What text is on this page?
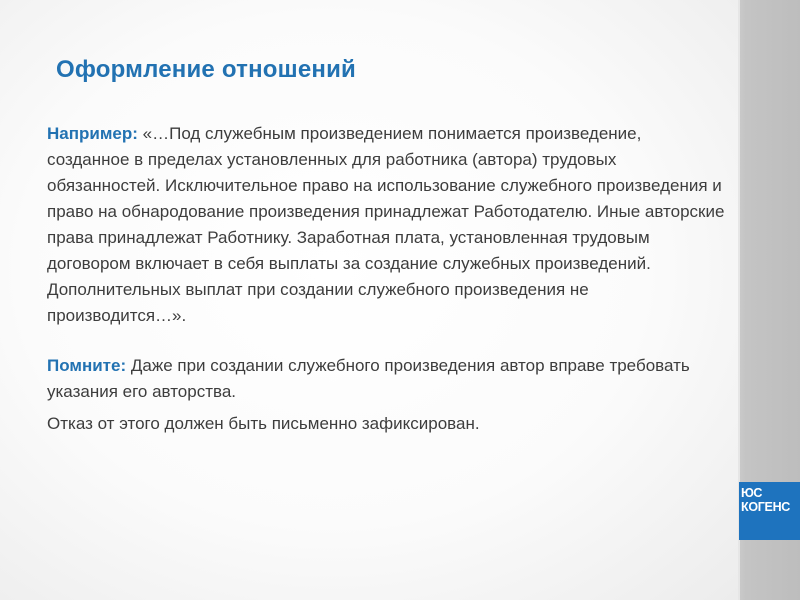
Оформление отношений

Например: «…Под служебным произведением понимается произведение, созданное в пределах установленных для работника (автора) трудовых обязанностей. Исключительное право на использование служебного произведения и право на обнародование произведения принадлежат Работодателю. Иные авторские права принадлежат Работнику. Заработная плата, установленная трудовым договором включает в себя выплаты за создание служебных произведений. Дополнительных выплат при создании служебного произведения не производится…».

Помните: Даже при создании служебного произведения автор вправе требовать указания его авторства.

Отказ от этого должен быть письменно зафиксирован.

ЮС
КОГЕНС
